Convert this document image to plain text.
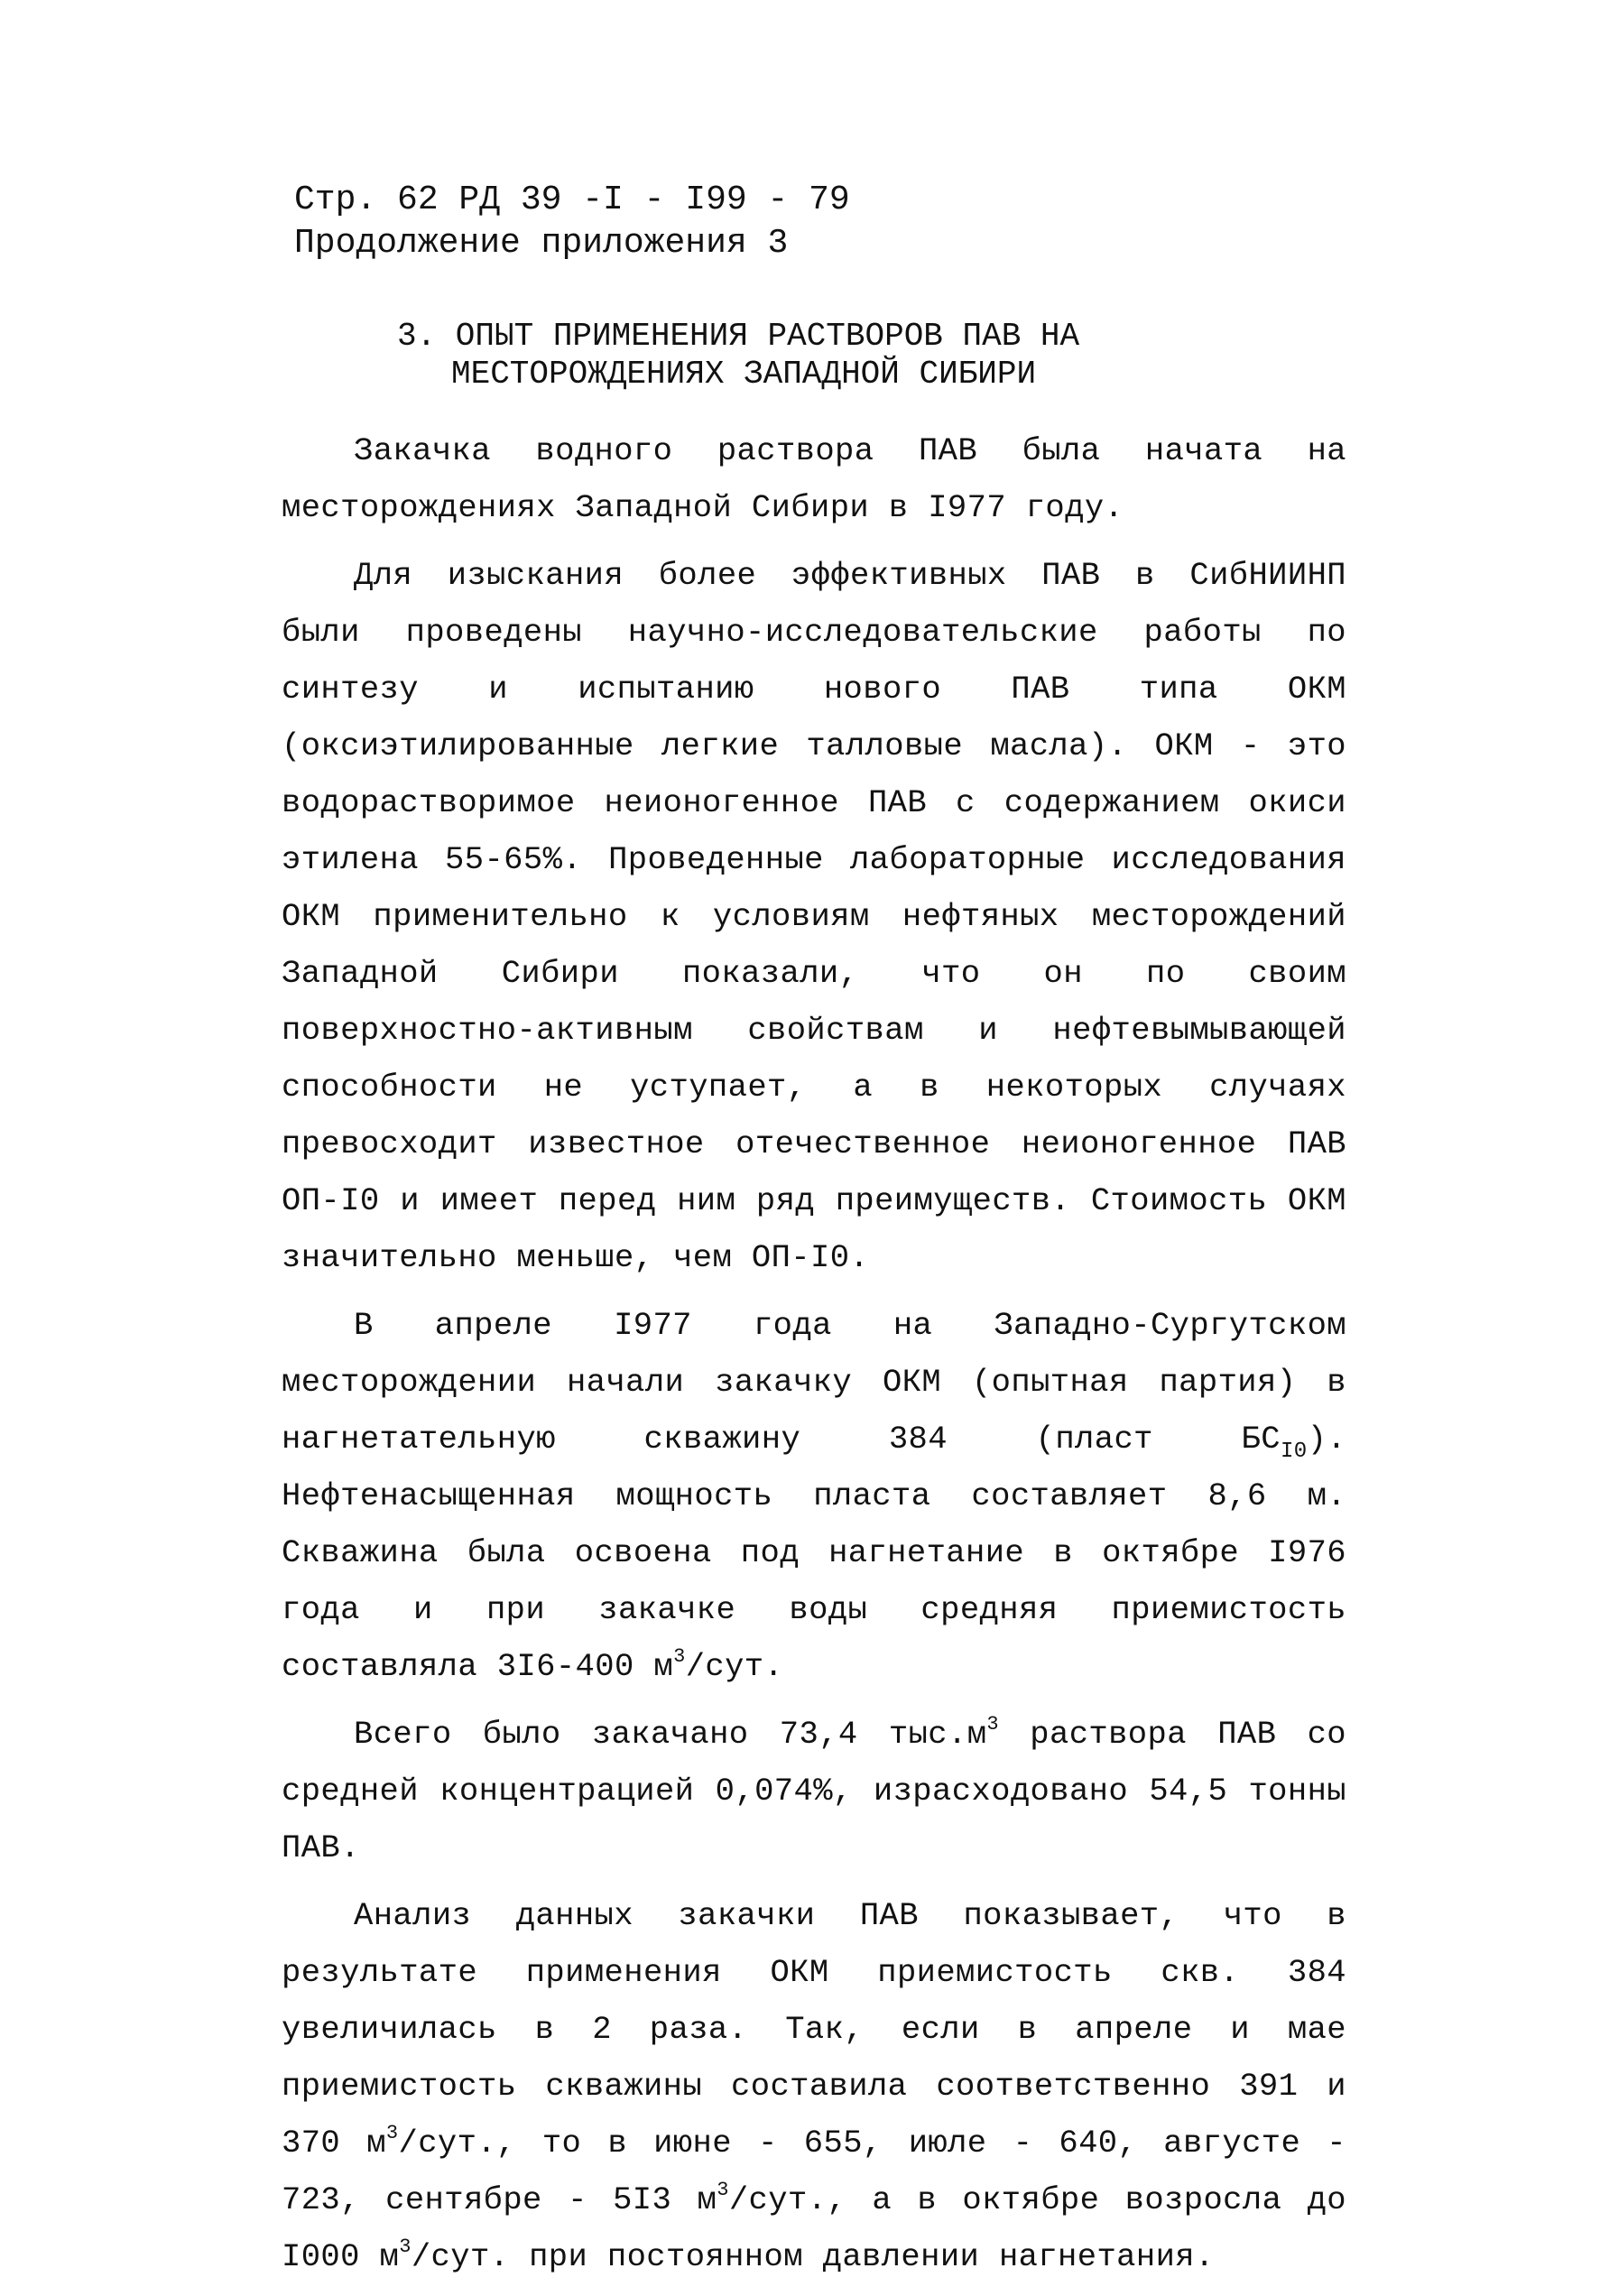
Стр. 62 РД 39 -I - I99 - 79
Продолжение приложения 3
3. ОПЫТ ПРИМЕНЕНИЯ РАСТВОРОВ ПАВ НА
МЕСТОРОЖДЕНИЯХ ЗАПАДНОЙ СИБИРИ

Закачка водного раствора ПАВ была начата на месторождениях Западной Сибири в I977 году.

Для изыскания более эффективных ПАВ в СибНИИНП были проведены научно-исследовательские работы по синтезу и испытанию нового ПАВ типа ОКМ (оксиэтилированные легкие талловые масла). ОКМ - это водорастворимое неионогенное ПАВ с содержанием окиси этилена 55-65%. Проведенные лабораторные исследования ОКМ применительно к условиям нефтяных месторождений Западной Сибири показали, что он по своим поверхностно-активным свойствам и нефтевымывающей способности не уступает, а в некоторых случаях превосходит известное отечественное неионогенное ПАВ ОП-I0 и имеет перед ним ряд преимуществ. Стоимость ОКМ значительно меньше, чем ОП-I0.

В апреле I977 года на Западно-Сургутском месторождении начали закачку ОКМ (опытная партия) в нагнетательную скважину 384 (пласт $БС_{I0}$). Нефтенасыщенная мощность пласта составляет 8,6 м. Скважина была освоена под нагнетание в октябре I976 года и при закачке воды средняя приемистость составляла 3I6-400 $м^3$/сут.

Всего было закачано 73,4 $тыс.м^3$ раствора ПАВ со средней концентрацией 0,074%, израсходовано 54,5 тонны ПАВ.

Анализ данных закачки ПАВ показывает, что в результате применения ОКМ приемистость скв. 384 увеличилась в 2 раза. Так, если в апреле и мае приемистость скважины составила соответственно 391 и 370 $м^3$/сут., то в июне - 655, июле - 640, августе - 723, сентябре - 5I3 $м^3$/сут., а в октябре возросла до I000 $м^3$/сут. при постоянном давлении нагнетания.
